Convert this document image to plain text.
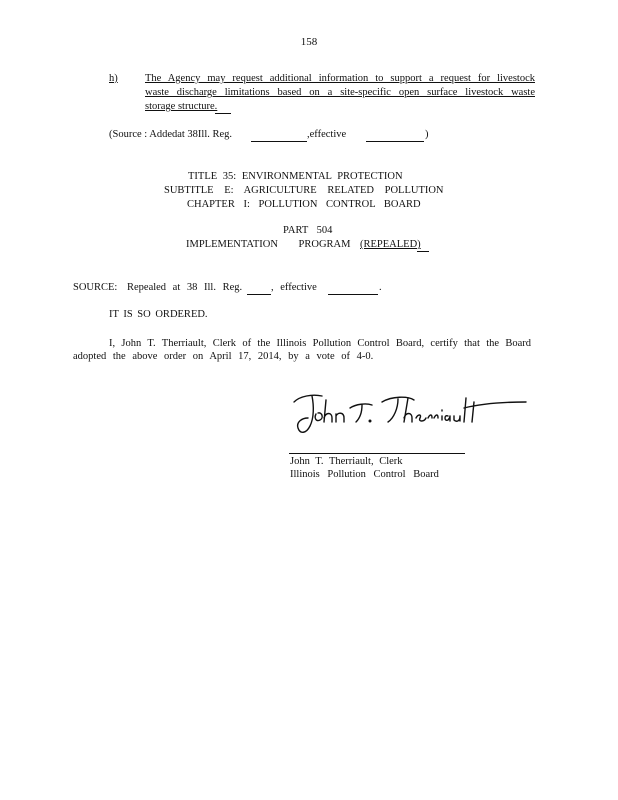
158
h)	The Agency may request additional information to support a request for livestock
waste discharge limitations based on a site-specific open surface livestock waste
storage structure.
(Source : Addedat 38Ill. Reg.	,effective	)
TITLE 35: ENVIRONMENTAL PROTECTION
SUBTITLE E: AGRICULTURE RELATED POLLUTION
CHAPTER I: POLLUTION CONTROL BOARD
PART 504
IMPLEMENTATION PROGRAM (REPEALED)
SOURCE: Repealed at 38 Ill. Reg.	, effective	.
IT IS SO ORDERED.
I, John T. Therriault, Clerk of the Illinois Pollution Control Board, certify that the Board
adopted the above order on April 17, 2014, by a vote of 4-0.
John T. Therriault, Clerk
Illinois Pollution Control Board
